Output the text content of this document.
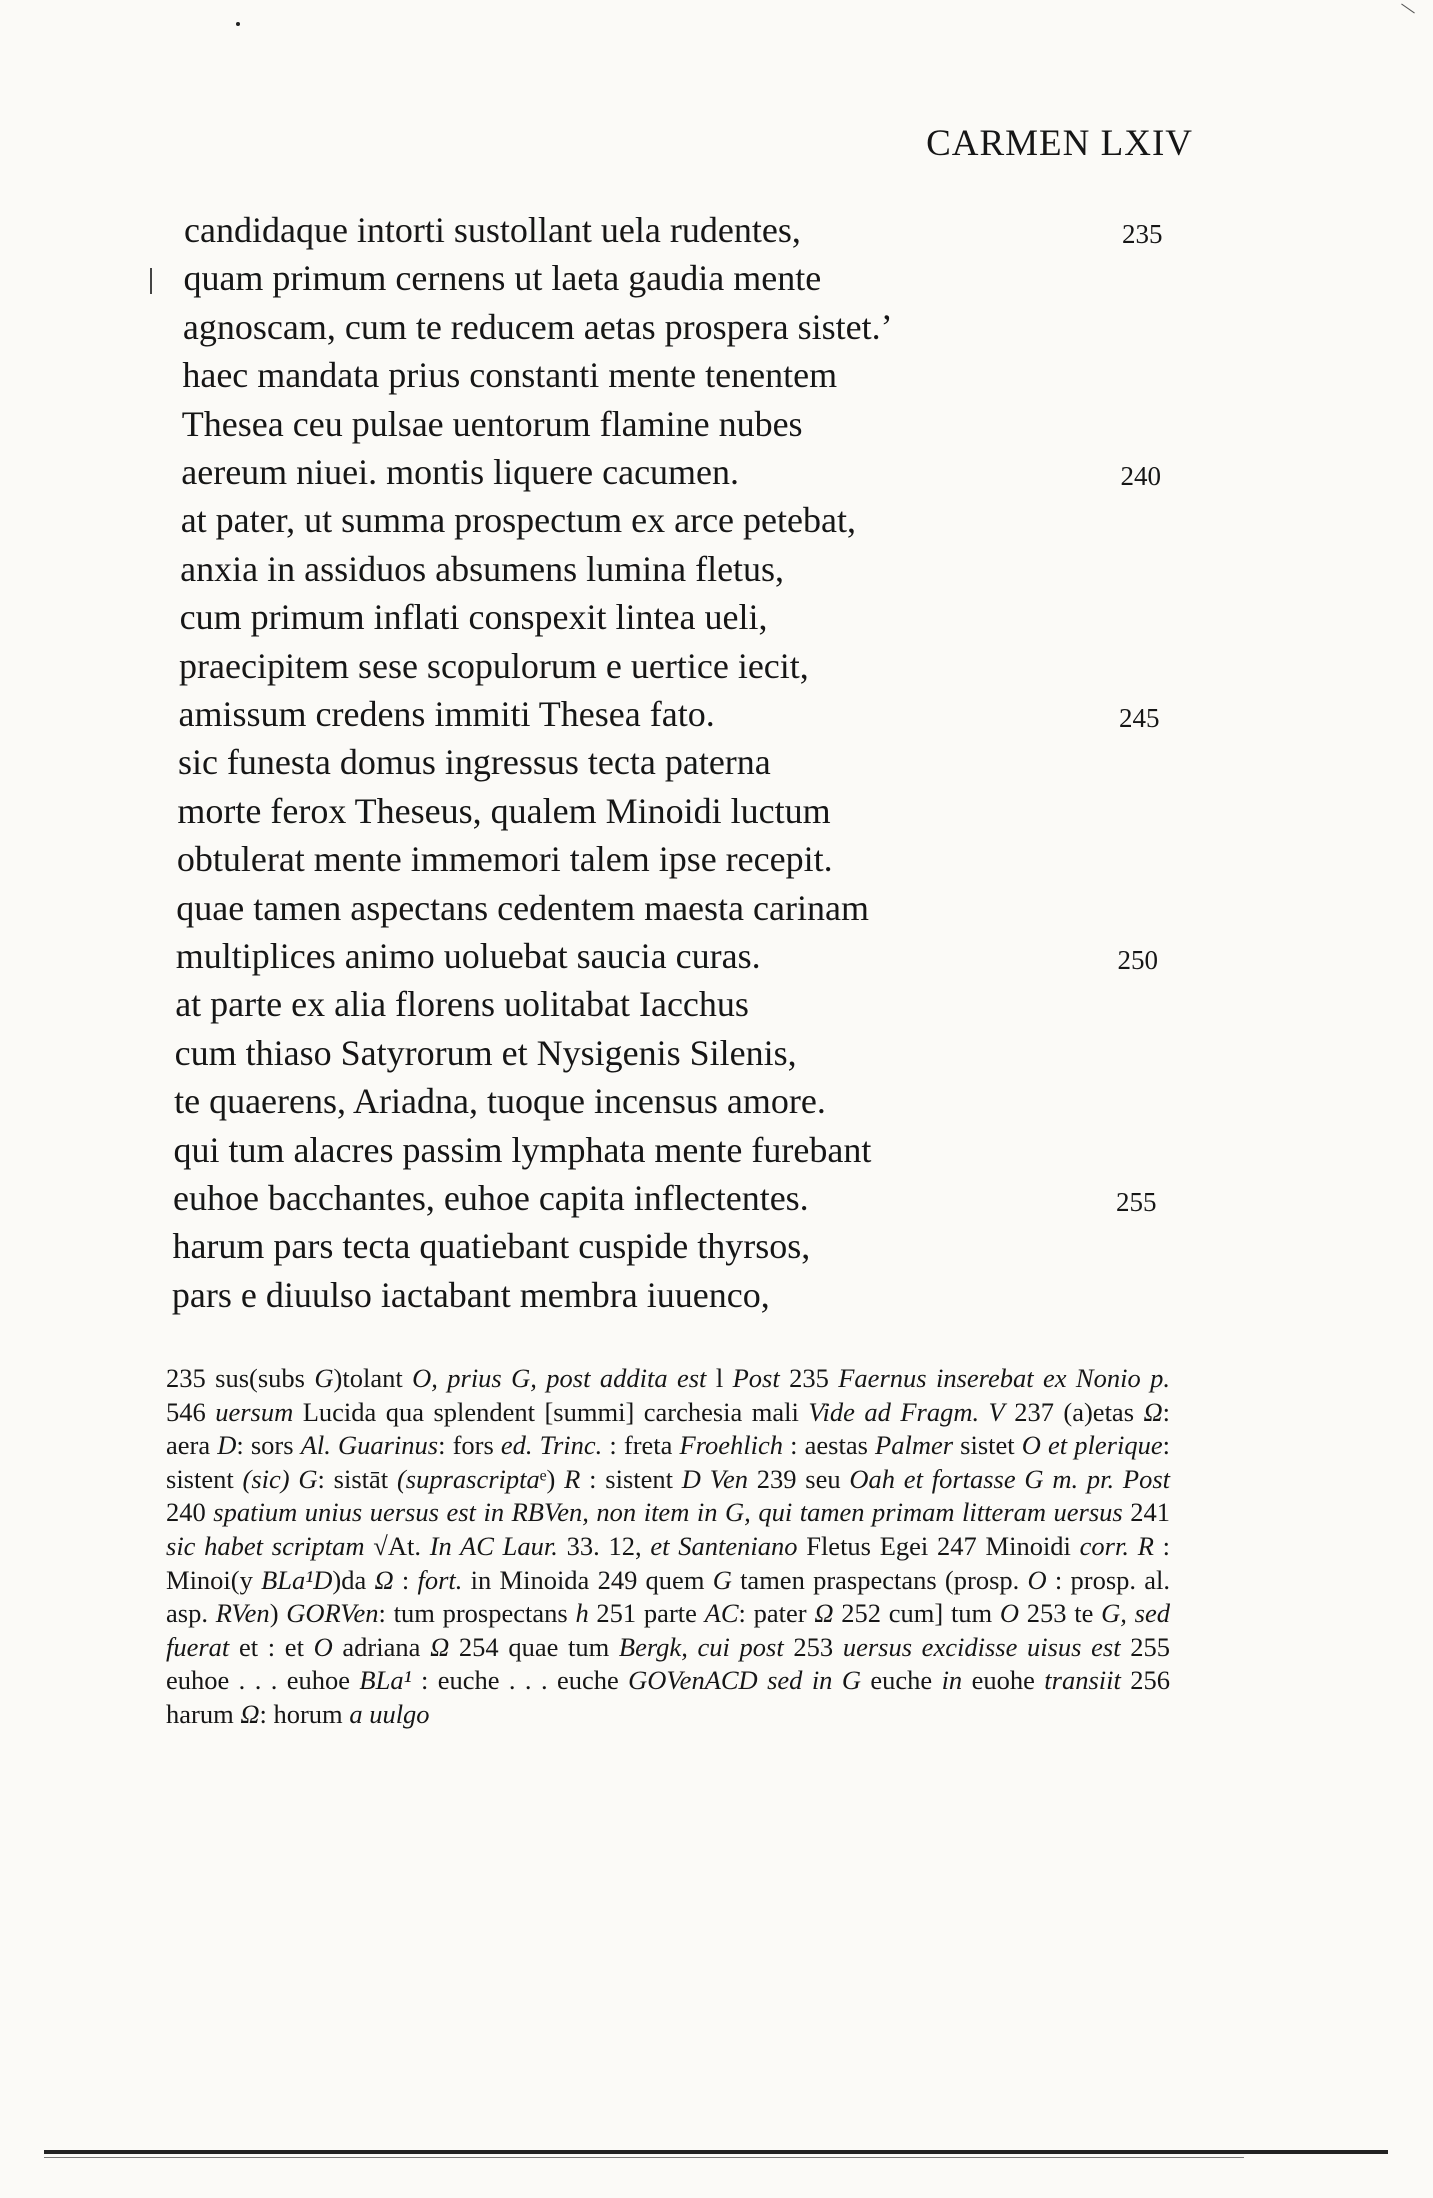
CARMEN LXIV
candidaque intorti sustollant uela rudentes,
quam primum cernens ut laeta gaudia mente
agnoscam, cum te reducem aetas prospera sistet.’
haec mandata prius constanti mente tenentem
Thesea ceu pulsae uentorum flamine nubes
aereum niuei. montis liquere cacumen.
at pater, ut summa prospectum ex arce petebat,
anxia in assiduos absumens lumina fletus,
cum primum inflati conspexit lintea ueli,
praecipitem sese scopulorum e uertice iecit,
amissum credens immiti Thesea fato.
sic funesta domus ingressus tecta paterna
morte ferox Theseus, qualem Minoidi luctum
obtulerat mente immemori talem ipse recepit.
quae tamen aspectans cedentem maesta carinam
multiplices animo uoluebat saucia curas.
at parte ex alia florens uolitabat Iacchus
cum thiaso Satyrorum et Nysigenis Silenis,
te quaerens, Ariadna, tuoque incensus amore.
qui tum alacres passim lymphata mente furebant
euhoe bacchantes, euhoe capita inflectentes.
harum pars tecta quatiebant cuspide thyrsos,
pars e diuulso iactabant membra iuuenco,
235
240
245
250
255
235 sus(subs G)tolant O, prius G, post addita est l Post 235 Faernus inserebat ex Nonio p. 546 uersum Lucida qua splendent [summi] carchesia mali Vide ad Fragm. V 237 (a)etas Ω: aera D: sors Al. Guarinus: fors ed. Trinc. : freta Froehlich : aestas Palmer sistet O et plerique: sistent (sic) G: sistāt (suprascriptaᵉ) R : sistent D Ven 239 seu Oah et fortasse G m. pr. Post 240 spatium unius uersus est in RBVen, non item in G, qui tamen primam litteram uersus 241 sic habet scriptam √At. In AC Laur. 33. 12, et Santeniano Fletus Egei 247 Minoidi corr. R : Minoi(y BLa¹D)da Ω : fort. in Minoida 249 quem G tamen praspectans (prosp. O : prosp. al. asp. RVen) GORVen: tum prospectans h 251 parte AC: pater Ω 252 cum] tum O 253 te G, sed fuerat et : et O adriana Ω 254 quae tum Bergk, cui post 253 uersus excidisse uisus est 255 euhoe . . . euhoe BLa¹ : euche . . . euche GOVenACD sed in G euche in euohe transiit 256 harum Ω: horum a uulgo
